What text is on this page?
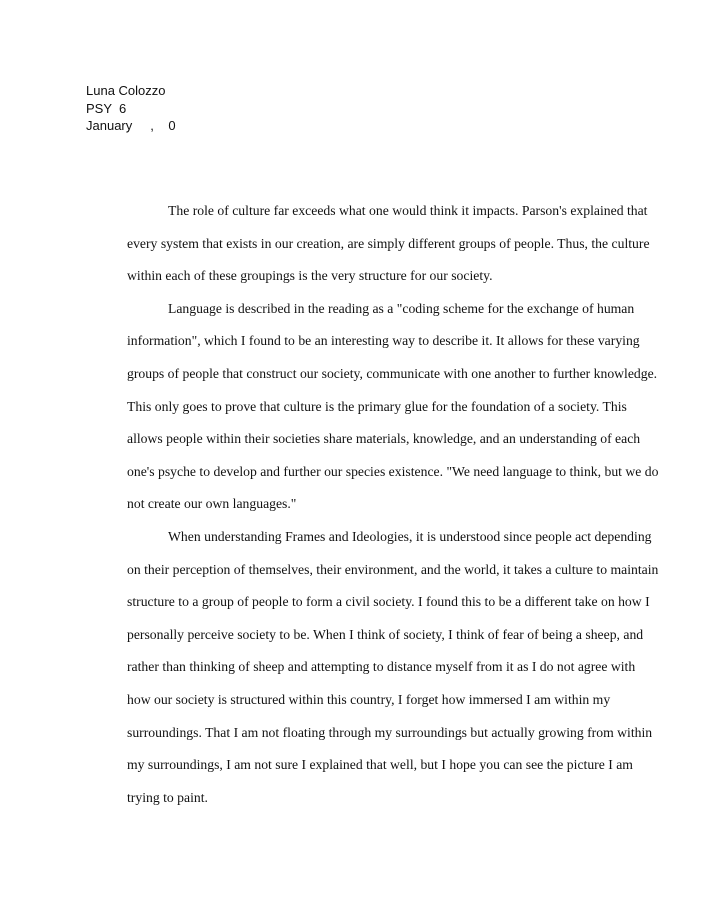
Luna Colozzo
PSY  6
January     ,    0
The role of culture far exceeds what one would think it impacts. Parson's explained that
every system that exists in our creation, are simply different groups of people. Thus, the culture
within each of these groupings is the very structure for our society.
Language is described in the reading as a "coding scheme for the exchange of human
information", which I found to be an interesting way to describe it. It allows for these varying
groups of people that construct our society, communicate with one another to further knowledge.
This only goes to prove that culture is the primary glue for the foundation of a society. This
allows people within their societies share materials, knowledge, and an understanding of each
one's psyche to develop and further our species existence. "We need language to think, but we do
not create our own languages."
When understanding Frames and Ideologies, it is understood since people act depending
on their perception of themselves, their environment, and the world, it takes a culture to maintain
structure to a group of people to form a civil society. I found this to be a different take on how I
personally perceive society to be. When I think of society, I think of fear of being a sheep, and
rather than thinking of sheep and attempting to distance myself from it as I do not agree with
how our society is structured within this country, I forget how immersed I am within my
surroundings. That I am not floating through my surroundings but actually growing from within
my surroundings, I am not sure I explained that well, but I hope you can see the picture I am
trying to paint.
